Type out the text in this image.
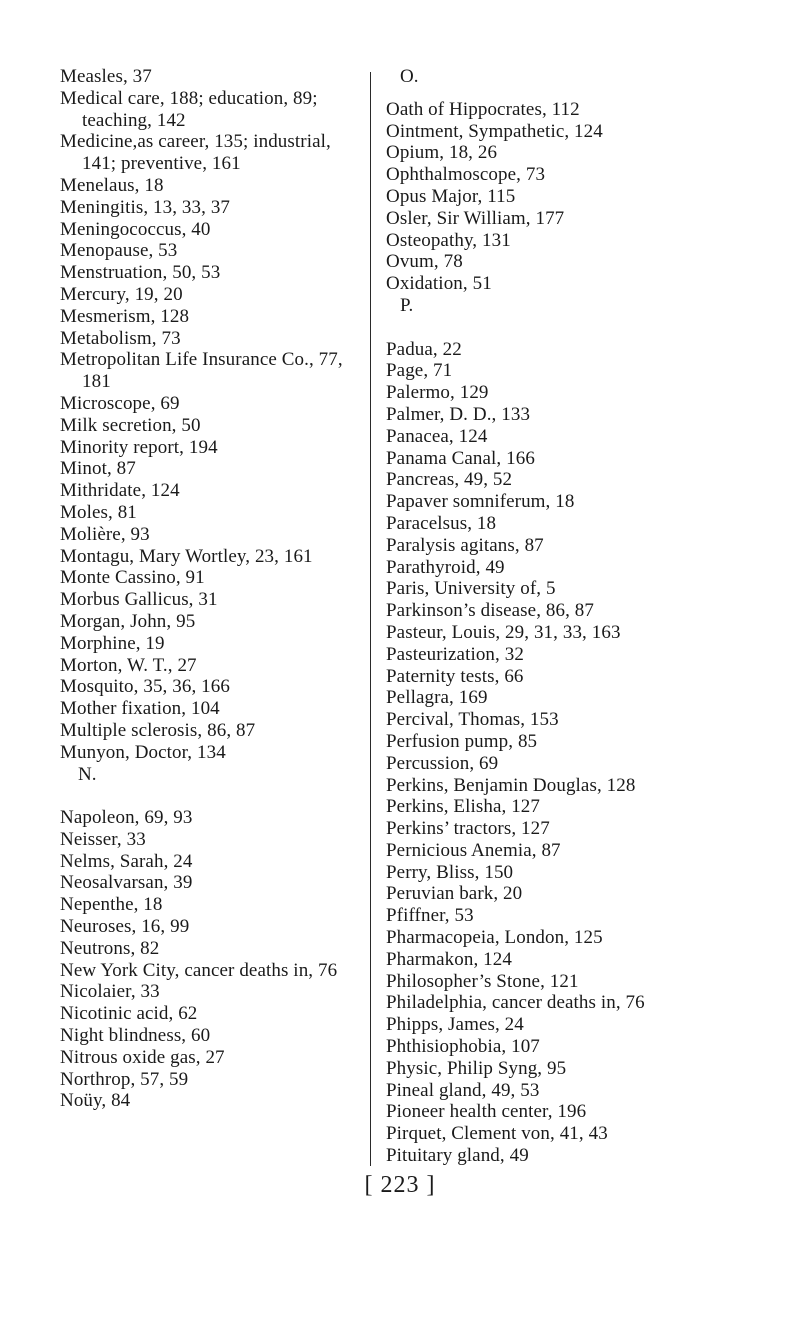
Measles, 37
Medical care, 188; education, 89; teaching, 142
Medicine,as career, 135; industrial, 141; preventive, 161
Menelaus, 18
Meningitis, 13, 33, 37
Meningococcus, 40
Menopause, 53
Menstruation, 50, 53
Mercury, 19, 20
Mesmerism, 128
Metabolism, 73
Metropolitan Life Insurance Co., 77, 181
Microscope, 69
Milk secretion, 50
Minority report, 194
Minot, 87
Mithridate, 124
Moles, 81
Molière, 93
Montagu, Mary Wortley, 23, 161
Monte Cassino, 91
Morbus Gallicus, 31
Morgan, John, 95
Morphine, 19
Morton, W. T., 27
Mosquito, 35, 36, 166
Mother fixation, 104
Multiple sclerosis, 86, 87
Munyon, Doctor, 134
N.
Napoleon, 69, 93
Neisser, 33
Nelms, Sarah, 24
Neosalvarsan, 39
Nepenthe, 18
Neuroses, 16, 99
Neutrons, 82
New York City, cancer deaths in, 76
Nicolaier, 33
Nicotinic acid, 62
Night blindness, 60
Nitrous oxide gas, 27
Northrop, 57, 59
Noüy, 84
O.
Oath of Hippocrates, 112
Ointment, Sympathetic, 124
Opium, 18, 26
Ophthalmoscope, 73
Opus Major, 115
Osler, Sir William, 177
Osteopathy, 131
Ovum, 78
Oxidation, 51
P.
Padua, 22
Page, 71
Palermo, 129
Palmer, D. D., 133
Panacea, 124
Panama Canal, 166
Pancreas, 49, 52
Papaver somniferum, 18
Paracelsus, 18
Paralysis agitans, 87
Parathyroid, 49
Paris, University of, 5
Parkinson’s disease, 86, 87
Pasteur, Louis, 29, 31, 33, 163
Pasteurization, 32
Paternity tests, 66
Pellagra, 169
Percival, Thomas, 153
Perfusion pump, 85
Percussion, 69
Perkins, Benjamin Douglas, 128
Perkins, Elisha, 127
Perkins’ tractors, 127
Pernicious Anemia, 87
Perry, Bliss, 150
Peruvian bark, 20
Pfiffner, 53
Pharmacopeia, London, 125
Pharmakon, 124
Philosopher’s Stone, 121
Philadelphia, cancer deaths in, 76
Phipps, James, 24
Phthisiophobia, 107
Physic, Philip Syng, 95
Pineal gland, 49, 53
Pioneer health center, 196
Pirquet, Clement von, 41, 43
Pituitary gland, 49
[ 223 ]
